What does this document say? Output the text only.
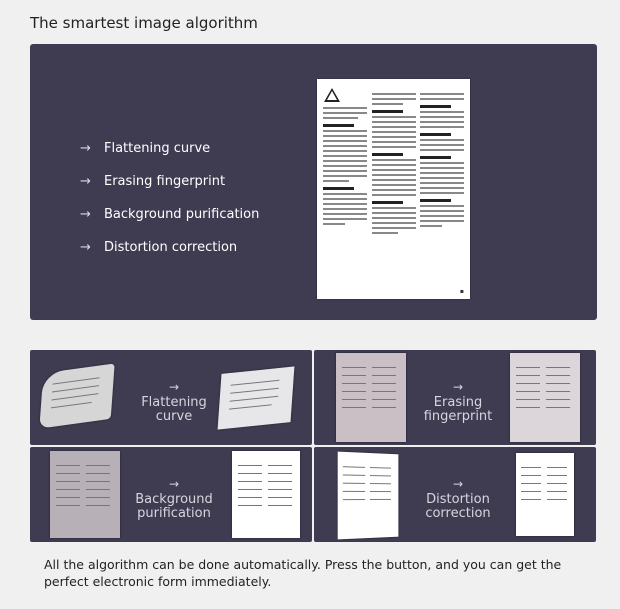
The smartest image algorithm
→	Flattening curve
→	Erasing fingerprint
→	Background purification
→	Distortion correction
▪
→
Flattening
curve
→
Erasing
fingerprint
→
Background
purification
→
Distortion
correction
All the algorithm can be done automatically. Press the button, and you can get the perfect electronic form immediately.
